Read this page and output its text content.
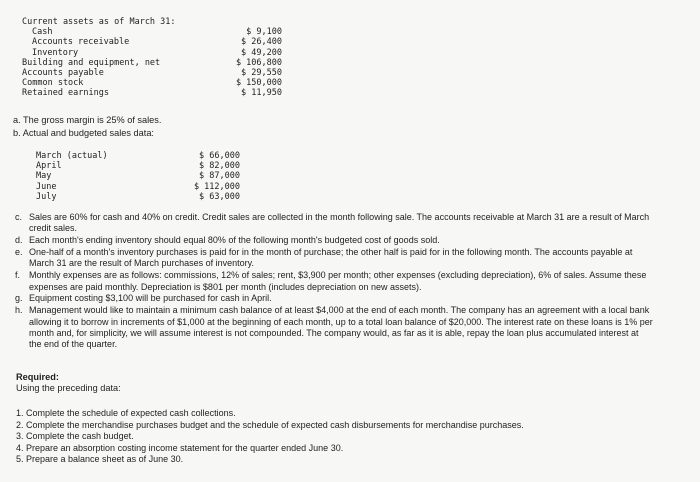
Current assets as of March 31:
Cash	$ 9,100
Accounts receivable	$ 26,400
Inventory	$ 49,200
Building and equipment, net	$ 106,800
Accounts payable	$ 29,550
Common stock	$ 150,000
Retained earnings	$ 11,950
a. The gross margin is 25% of sales.
b. Actual and budgeted sales data:
March (actual)	$ 66,000
April	$ 82,000
May	$ 87,000
June	$ 112,000
July	$ 63,000
c. Sales are 60% for cash and 40% on credit. Credit sales are collected in the month following sale. The accounts receivable at March 31 are a result of March credit sales.
d. Each month's ending inventory should equal 80% of the following month's budgeted cost of goods sold.
e. One-half of a month's inventory purchases is paid for in the month of purchase; the other half is paid for in the following month. The accounts payable at March 31 are the result of March purchases of inventory.
f. Monthly expenses are as follows: commissions, 12% of sales; rent, $3,900 per month; other expenses (excluding depreciation), 6% of sales. Assume these expenses are paid monthly. Depreciation is $801 per month (includes depreciation on new assets).
g. Equipment costing $3,100 will be purchased for cash in April.
h. Management would like to maintain a minimum cash balance of at least $4,000 at the end of each month. The company has an agreement with a local bank allowing it to borrow in increments of $1,000 at the beginning of each month, up to a total loan balance of $20,000. The interest rate on these loans is 1% per month and, for simplicity, we will assume interest is not compounded. The company would, as far as it is able, repay the loan plus accumulated interest at the end of the quarter.
Required:
Using the preceding data:
1. Complete the schedule of expected cash collections.
2. Complete the merchandise purchases budget and the schedule of expected cash disbursements for merchandise purchases.
3. Complete the cash budget.
4. Prepare an absorption costing income statement for the quarter ended June 30.
5. Prepare a balance sheet as of June 30.
